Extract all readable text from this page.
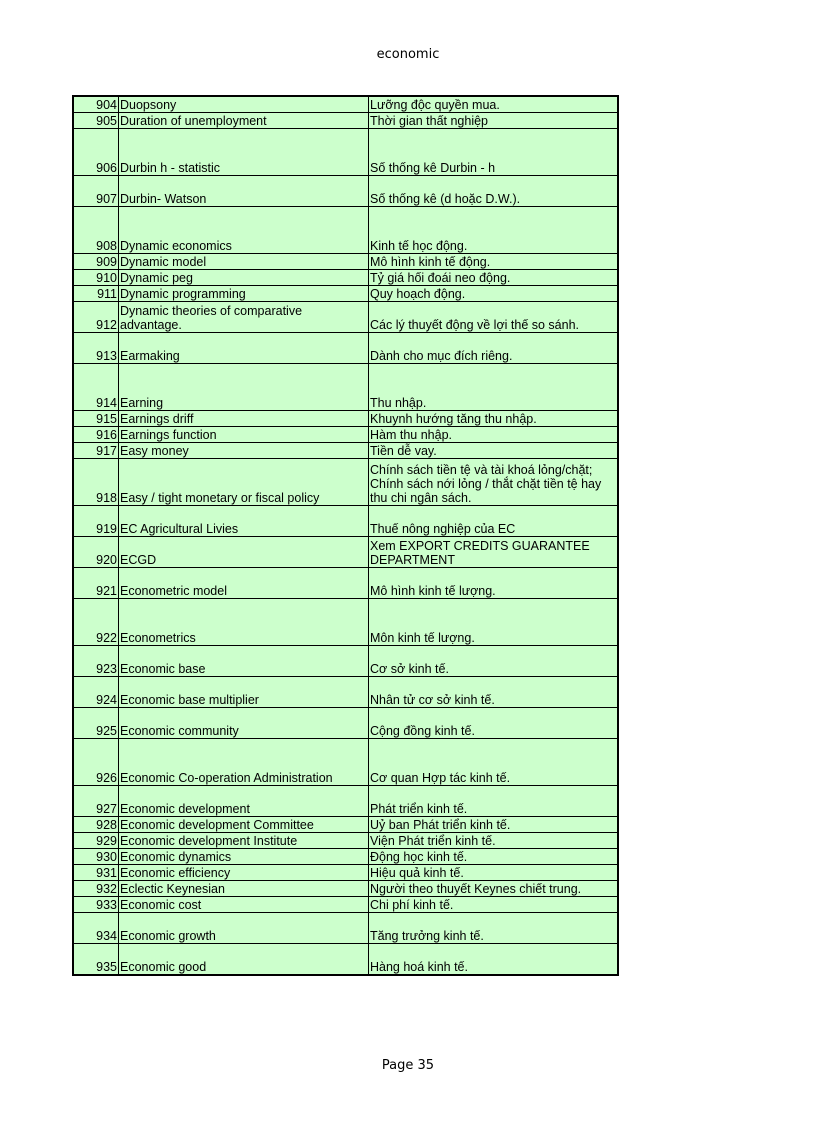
economic
904	Duopsony	Lưỡng độc quyền mua.
905	Duration of unemployment	Thời gian thất nghiệp
906	Durbin h - statistic	Số thống kê Durbin - h
907	Durbin- Watson	Số thống kê (d hoặc D.W.).
908	Dynamic economics	Kinh tế học động.
909	Dynamic model	Mô hình kinh tế động.
910	Dynamic peg	Tỷ giá hối đoái neo động.
911	Dynamic programming	Quy hoạch động.
912	Dynamic theories of comparative advantage.	Các lý thuyết động về lợi thế so sánh.
913	Earmaking	Dành cho mục đích riêng.
914	Earning	Thu nhập.
915	Earnings driff	Khuynh hướng tăng thu nhập.
916	Earnings function	Hàm thu nhập.
917	Easy money	Tiền dễ vay.
918	Easy / tight monetary or fiscal policy	Chính sách tiền tệ và tài khoá lỏng/chặt; Chính sách nới lỏng / thắt chặt tiền tệ hay thu chi ngân sách.
919	EC Agricultural Livies	Thuế nông nghiệp của EC
920	ECGD	Xem EXPORT CREDITS GUARANTEE DEPARTMENT
921	Econometric model	Mô hình kinh tế lượng.
922	Econometrics	Môn kinh tế lượng.
923	Economic base	Cơ sở kinh tế.
924	Economic base multiplier	Nhân tử cơ sở kinh tế.
925	Economic community	Cộng đồng kinh tế.
926	Economic Co-operation Administration	Cơ quan Hợp tác kinh tế.
927	Economic development	Phát triển kinh tế.
928	Economic development Committee	Uỷ ban Phát triển kinh tế.
929	Economic development Institute	Viện Phát triển kinh tế.
930	Economic dynamics	Động học kinh tế.
931	Economic efficiency	Hiệu quả kinh tế.
932	Eclectic Keynesian	Người theo thuyết Keynes chiết trung.
933	Economic cost	Chi phí kinh tế.
934	Economic growth	Tăng trưởng kinh tế.
935	Economic good	Hàng hoá kinh tế.
Page 35
